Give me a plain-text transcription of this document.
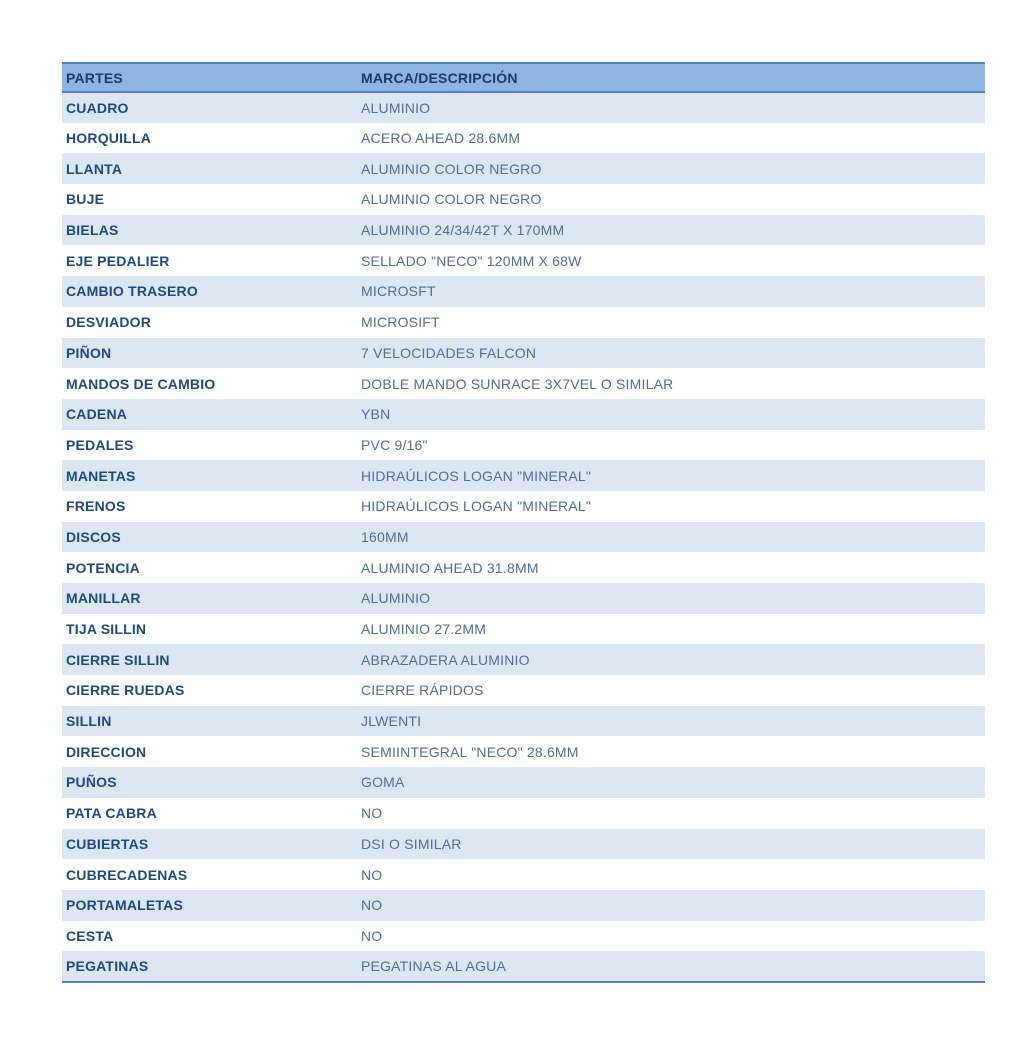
PARTES	MARCA/DESCRIPCIÓN
CUADRO	ALUMINIO
HORQUILLA	ACERO AHEAD 28.6MM
LLANTA	ALUMINIO COLOR NEGRO
BUJE	ALUMINIO COLOR NEGRO
BIELAS	ALUMINIO 24/34/42T X 170MM
EJE PEDALIER	SELLADO "NECO" 120MM X 68W
CAMBIO TRASERO	MICROSFT
DESVIADOR	MICROSIFT
PIÑON	7 VELOCIDADES FALCON
MANDOS DE CAMBIO	DOBLE MANDO SUNRACE 3X7VEL O SIMILAR
CADENA	YBN
PEDALES	PVC 9/16"
MANETAS	HIDRAÚLICOS LOGAN "MINERAL"
FRENOS	HIDRAÚLICOS LOGAN "MINERAL"
DISCOS	160MM
POTENCIA	ALUMINIO AHEAD 31.8MM
MANILLAR	ALUMINIO
TIJA SILLIN	ALUMINIO 27.2MM
CIERRE SILLIN	ABRAZADERA ALUMINIO
CIERRE RUEDAS	CIERRE RÁPIDOS
SILLIN	JLWENTI
DIRECCION	SEMIINTEGRAL "NECO" 28.6MM
PUÑOS	GOMA
PATA CABRA	NO
CUBIERTAS	DSI O SIMILAR
CUBRECADENAS	NO
PORTAMALETAS	NO
CESTA	NO
PEGATINAS	PEGATINAS AL AGUA
